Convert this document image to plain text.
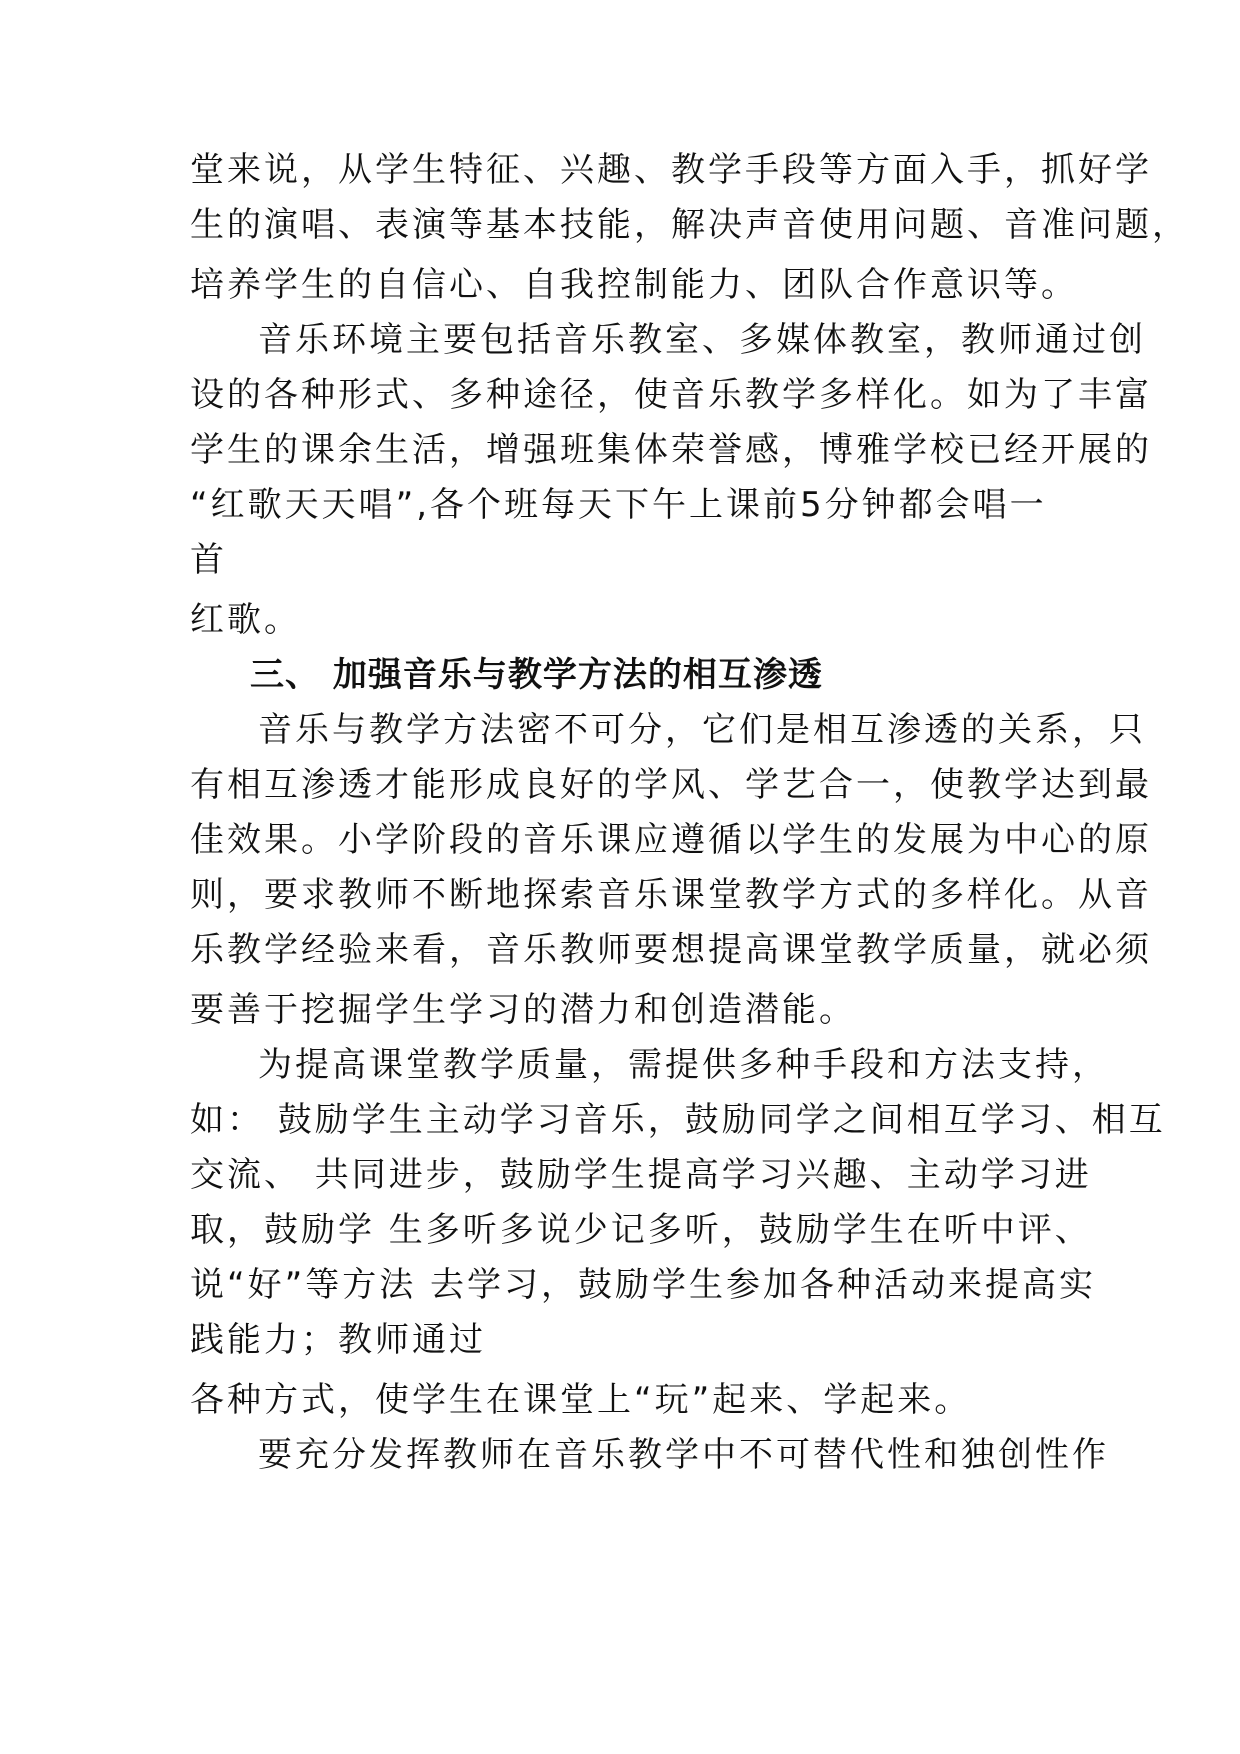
堂来说，从学生特征、兴趣、教学手段等方面入手，抓好学
生的演唱、表演等基本技能，解决声音使用问题、音准问题，
培养学生的自信心、自我控制能力、团队合作意识等。
音乐环境主要包括音乐教室、多媒体教室，教师通过创
设的各种形式、多种途径，使音乐教学多样化。如为了丰富
学生的课余生活，增强班集体荣誉感，博雅学校已经开展的
“红歌天天唱”,各个班每天下午上课前5分钟都会唱一
首
红歌。
三、 加强音乐与教学方法的相互渗透
音乐与教学方法密不可分，它们是相互渗透的关系，只
有相互渗透才能形成良好的学风、学艺合一，使教学达到最
佳效果。小学阶段的音乐课应遵循以学生的发展为中心的原
则，要求教师不断地探索音乐课堂教学方式的多样化。从音
乐教学经验来看，音乐教师要想提高课堂教学质量，就必须
要善于挖掘学生学习的潜力和创造潜能。
为提高课堂教学质量，需提供多种手段和方法支持，
如： 鼓励学生主动学习音乐，鼓励同学之间相互学习、相互
交流、 共同进步，鼓励学生提高学习兴趣、主动学习进
取，鼓励学 生多听多说少记多听，鼓励学生在听中评、
说“好”等方法 去学习，鼓励学生参加各种活动来提高实
践能力；教师通过
各种方式，使学生在课堂上“玩”起来、学起来。
要充分发挥教师在音乐教学中不可替代性和独创性作
